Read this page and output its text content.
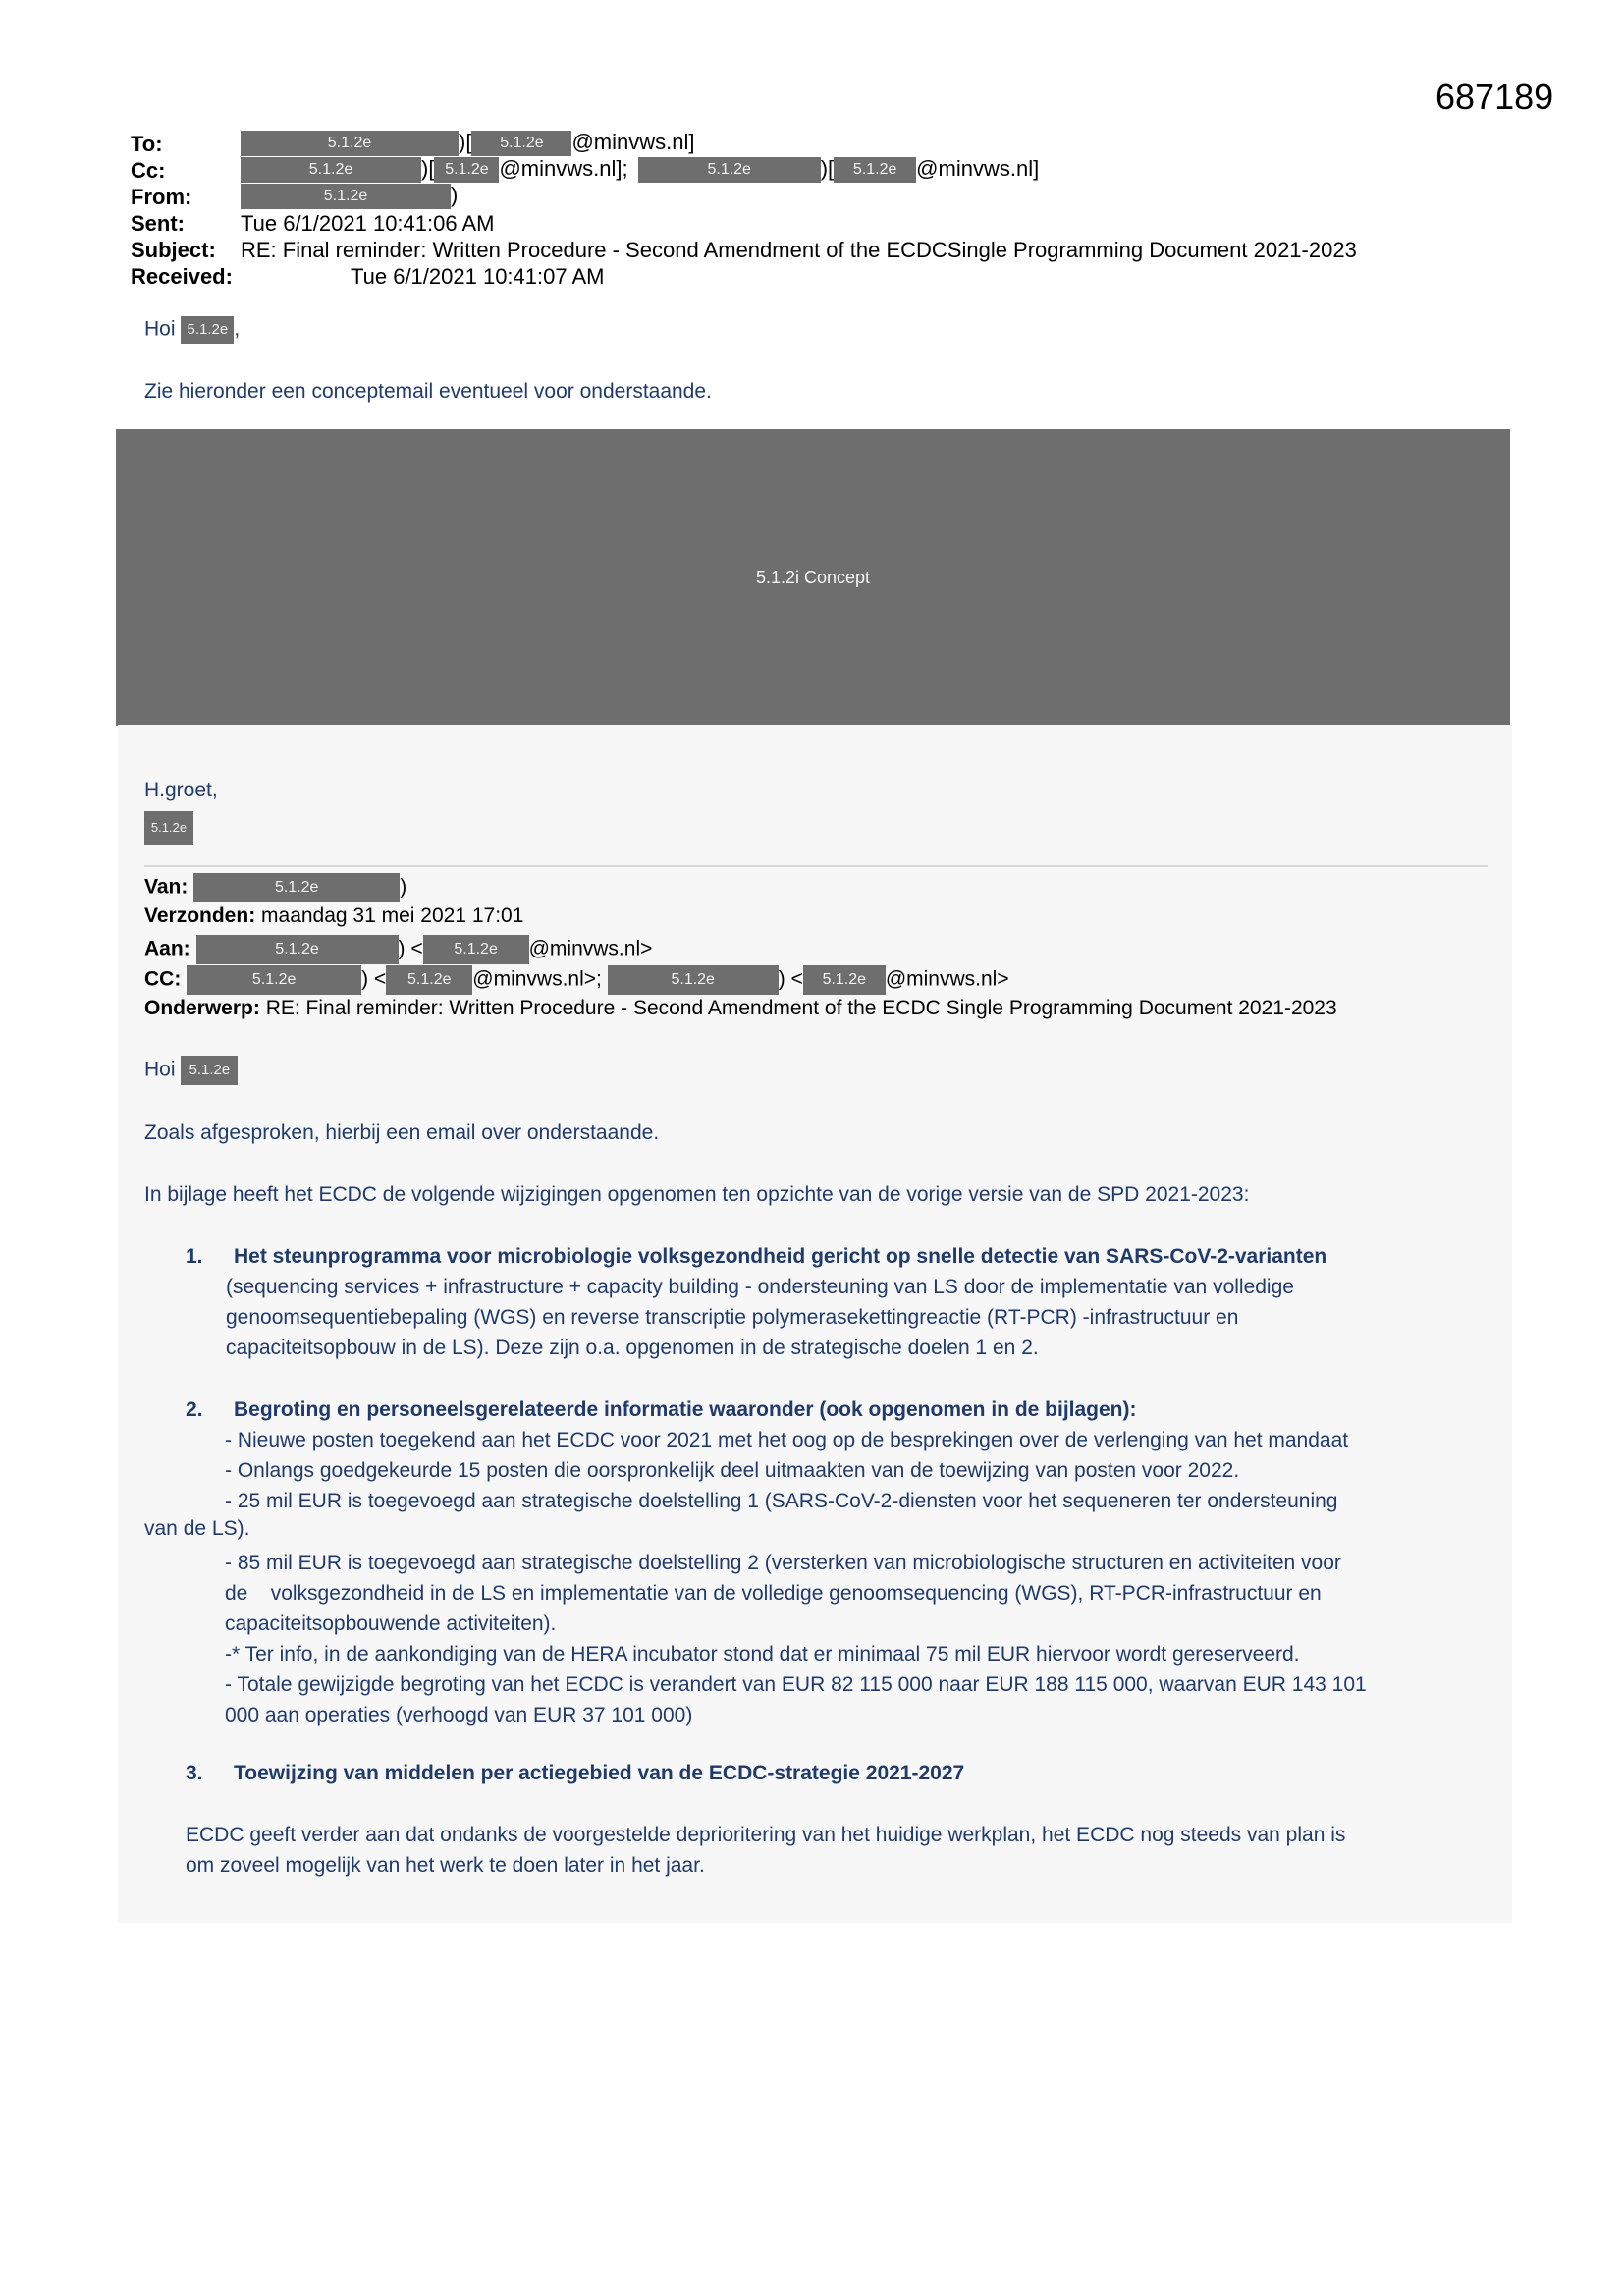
687189
To:	5.1.2e	)[ 5.1.2e @minvws.nl]
Cc:	5.1.2e	)[ 5.1.2e @minvws.nl];	5.1.2e	)[ 5.1.2e @minvws.nl]
From:	5.1.2e	)
Sent:	Tue 6/1/2021 10:41:06 AM
Subject: RE: Final reminder: Written Procedure - Second Amendment of the ECDCSingle Programming Document 2021-2023
Received:	Tue 6/1/2021 10:41:07 AM
Hoi 5.1.2e ,
Zie hieronder een conceptemail eventueel voor onderstaande.
5.1.2i Concept
H.groet,
5.1.2e
Van:	5.1.2e	)
Verzonden: maandag 31 mei 2021 17:01
Aan:	5.1.2e	) < 5.1.2e @minvws.nl>
CC:	5.1.2e	) < 5.1.2e @minvws.nl>;	5.1.2e	) < 5.1.2e @minvws.nl>
Onderwerp: RE: Final reminder: Written Procedure - Second Amendment of the ECDC Single Programming Document 2021-2023
Hoi 5.1.2e
Zoals afgesproken, hierbij een email over onderstaande.
In bijlage heeft het ECDC de volgende wijzigingen opgenomen ten opzichte van de vorige versie van de SPD 2021-2023:
1. Het steunprogramma voor microbiologie volksgezondheid gericht op snelle detectie van SARS-CoV-2-varianten
(sequencing services + infrastructure + capacity building - ondersteuning van LS door de implementatie van volledige
genoomsequentiebepaling (WGS) en reverse transcriptie polymerasekettingreactie (RT-PCR) -infrastructuur en
capaciteitsopbouw in de LS). Deze zijn o.a. opgenomen in de strategische doelen 1 en 2.
2. Begroting en personeelsgerelateerde informatie waaronder (ook opgenomen in de bijlagen):
- Nieuwe posten toegekend aan het ECDC voor 2021 met het oog op de besprekingen over de verlenging van het mandaat
- Onlangs goedgekeurde 15 posten die oorspronkelijk deel uitmaakten van de toewijzing van posten voor 2022.
- 25 mil EUR is toegevoegd aan strategische doelstelling 1 (SARS-CoV-2-diensten voor het sequeneren ter ondersteuning
van de LS).
- 85 mil EUR is toegevoegd aan strategische doelstelling 2 (versterken van microbiologische structuren en activiteiten voor
de    volksgezondheid in de LS en implementatie van de volledige genoomsequencing (WGS), RT-PCR-infrastructuur en
capaciteitsopbouwende activiteiten).
-* Ter info, in de aankondiging van de HERA incubator stond dat er minimaal 75 mil EUR hiervoor wordt gereserveerd.
- Totale gewijzigde begroting van het ECDC is verandert van EUR 82 115 000 naar EUR 188 115 000, waarvan EUR 143 101
000 aan operaties (verhoogd van EUR 37 101 000)
3. Toewijzing van middelen per actiegebied van de ECDC-strategie 2021-2027
ECDC geeft verder aan dat ondanks de voorgestelde deprioritering van het huidige werkplan, het ECDC nog steeds van plan is
om zoveel mogelijk van het werk te doen later in het jaar.
